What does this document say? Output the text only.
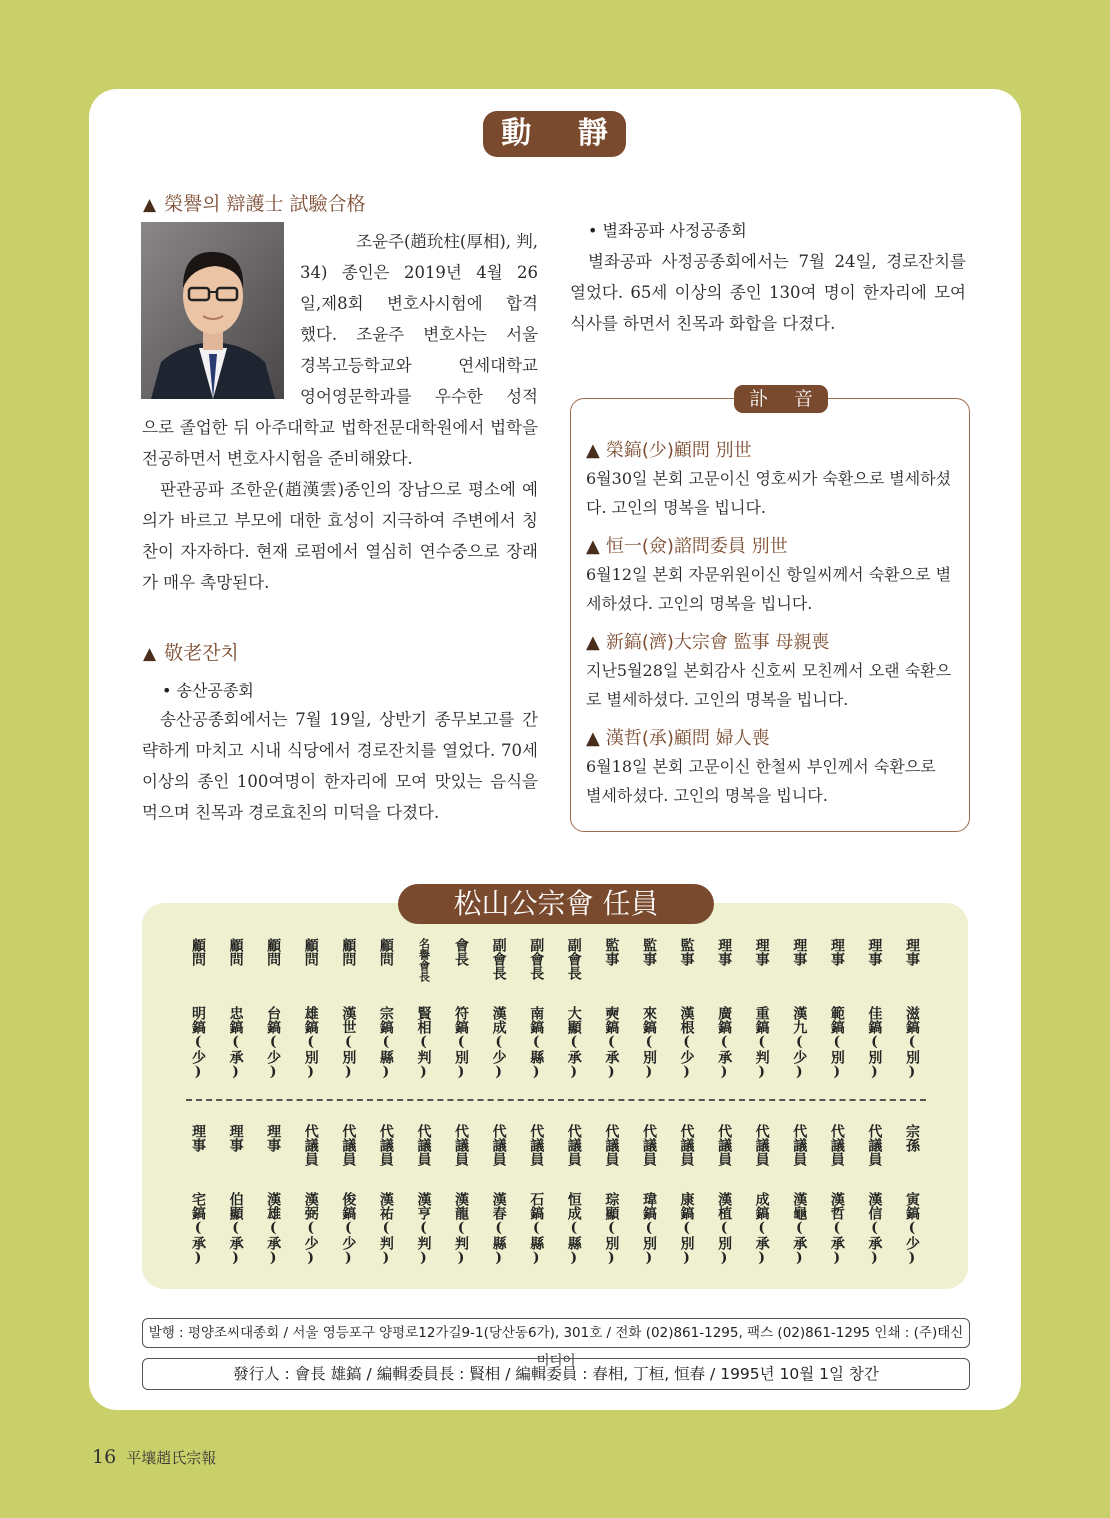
動 靜
▲ 榮譽의 辯護士 試驗合格

조윤주(趙玧柱(厚相), 判,

34) 종인은 2019년 4월 26

일,제8회 변호사시험에 합격

했다. 조윤주 변호사는 서울

경복고등학교와 연세대학교

영어영문학과를 우수한 성적

으로 졸업한 뒤 아주대학교 법학전문대학원에서 법학을 전공하면서 변호사시험을 준비해왔다.

판관공파 조한운(趙漢雲)종인의 장남으로 평소에 예의가 바르고 부모에 대한 효성이 지극하여 주변에서 칭찬이 자자하다. 현재 로펌에서 열심히 연수중으로 장래가 매우 촉망된다.

▲ 敬老잔치
• 송산공종회

송산공종회에서는 7월 19일, 상반기 종무보고를 간략하게 마치고 시내 식당에서 경로잔치를 열었다. 70세 이상의 종인 100여명이 한자리에 모여 맛있는 음식을 먹으며 친목과 경로효친의 미덕을 다졌다.

• 별좌공파 사정공종회

별좌공파 사정공종회에서는 7월 24일, 경로잔치를 열었다. 65세 이상의 종인 130여 명이 한자리에 모여 식사를 하면서 친목과 화합을 다졌다.

訃 音
▲ 榮鎬(少)顧問 別世

6월30일 본회 고문이신 영호씨가 숙환으로 별세하셨다. 고인의 명복을 빕니다.

▲ 恒一(僉)諮問委員 別世

6월12일 본회 자문위원이신 항일씨께서 숙환으로 별세하셨다. 고인의 명복을 빕니다.

▲ 新鎬(濟)大宗會 監事 母親喪

지난5월28일 본회감사 신호씨 모친께서 오랜 숙환으로 별세하셨다. 고인의 명복을 빕니다.

▲ 漢哲(承)顧問 婦人喪

6월18일 본회 고문이신 한철씨 부인께서 숙환으로 별세하셨다. 고인의 명복을 빕니다.

松山公宗會 任員
顧問
明鎬(少)
顧問
忠鎬(承)
顧問
台鎬(少)
顧問
雄鎬(別)
顧問
漢世(別)
顧問
宗鎬(縣)
名譽會長
賢相(判)
會長
符鎬(別)
副會長
漢成(少)
副會長
南鎬(縣)
副會長
大顯(承)
監事
奭鎬(承)
監事
來鎬(別)
監事
漢根(少)
理事
廣鎬(承)
理事
重鎬(判)
理事
漢九(少)
理事
範鎬(別)
理事
佳鎬(別)
理事
滋鎬(別)
理事
宅鎬(承)
理事
伯顯(承)
理事
漢雄(承)
代議員
漢弼(少)
代議員
俊鎬(少)
代議員
漢祐(判)
代議員
漢亨(判)
代議員
漢龍(判)
代議員
漢春(縣)
代議員
石鎬(縣)
代議員
恒成(縣)
代議員
琮顯(別)
代議員
瑋鎬(別)
代議員
康鎬(別)
代議員
漢植(別)
代議員
成鎬(承)
代議員
漢龜(承)
代議員
漢哲(承)
代議員
漢信(承)
宗孫
寅鎬(少)
발행 : 평양조씨대종회 / 서울 영등포구 양평로12가길9-1(당산동6가), 301호 / 전화 (02)861-1295, 팩스 (02)861-1295 인쇄 : (주)태신미디어
發行人 : 會長 雄鎬 / 編輯委員長 : 賢相 / 編輯委員 : 春相, 丁桓, 恒春 / 1995년 10월 1일 창간
16 平壤趙氏宗報
